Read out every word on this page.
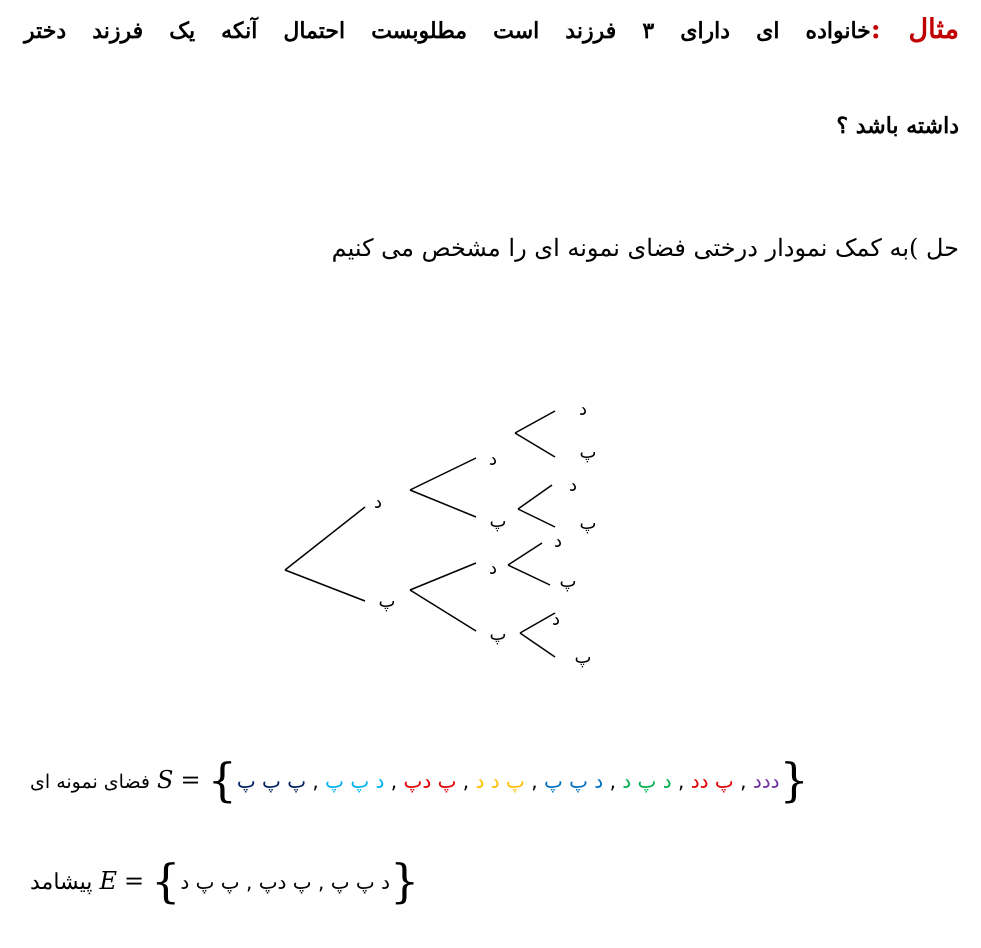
مثال :خانواده ای دارای ۳ فرزند است مطلوبست احتمال آنکه یک فرزند دختر
داشته باشد ؟
حل )به کمک نمودار درختی فضای نمونه ای را مشخص می کنیم
د
پ
د
پ
د
پ
د
پ
د
پ
د
پ
د
پ
فضای نمونه ای S = {	ددد , پ دد , د پ د , د پ پ , پ د د , پ دپ , د پ پ , پ پ پ	}
پیشامد E = {	د پ پ , پ دپ , پ پ د	}
